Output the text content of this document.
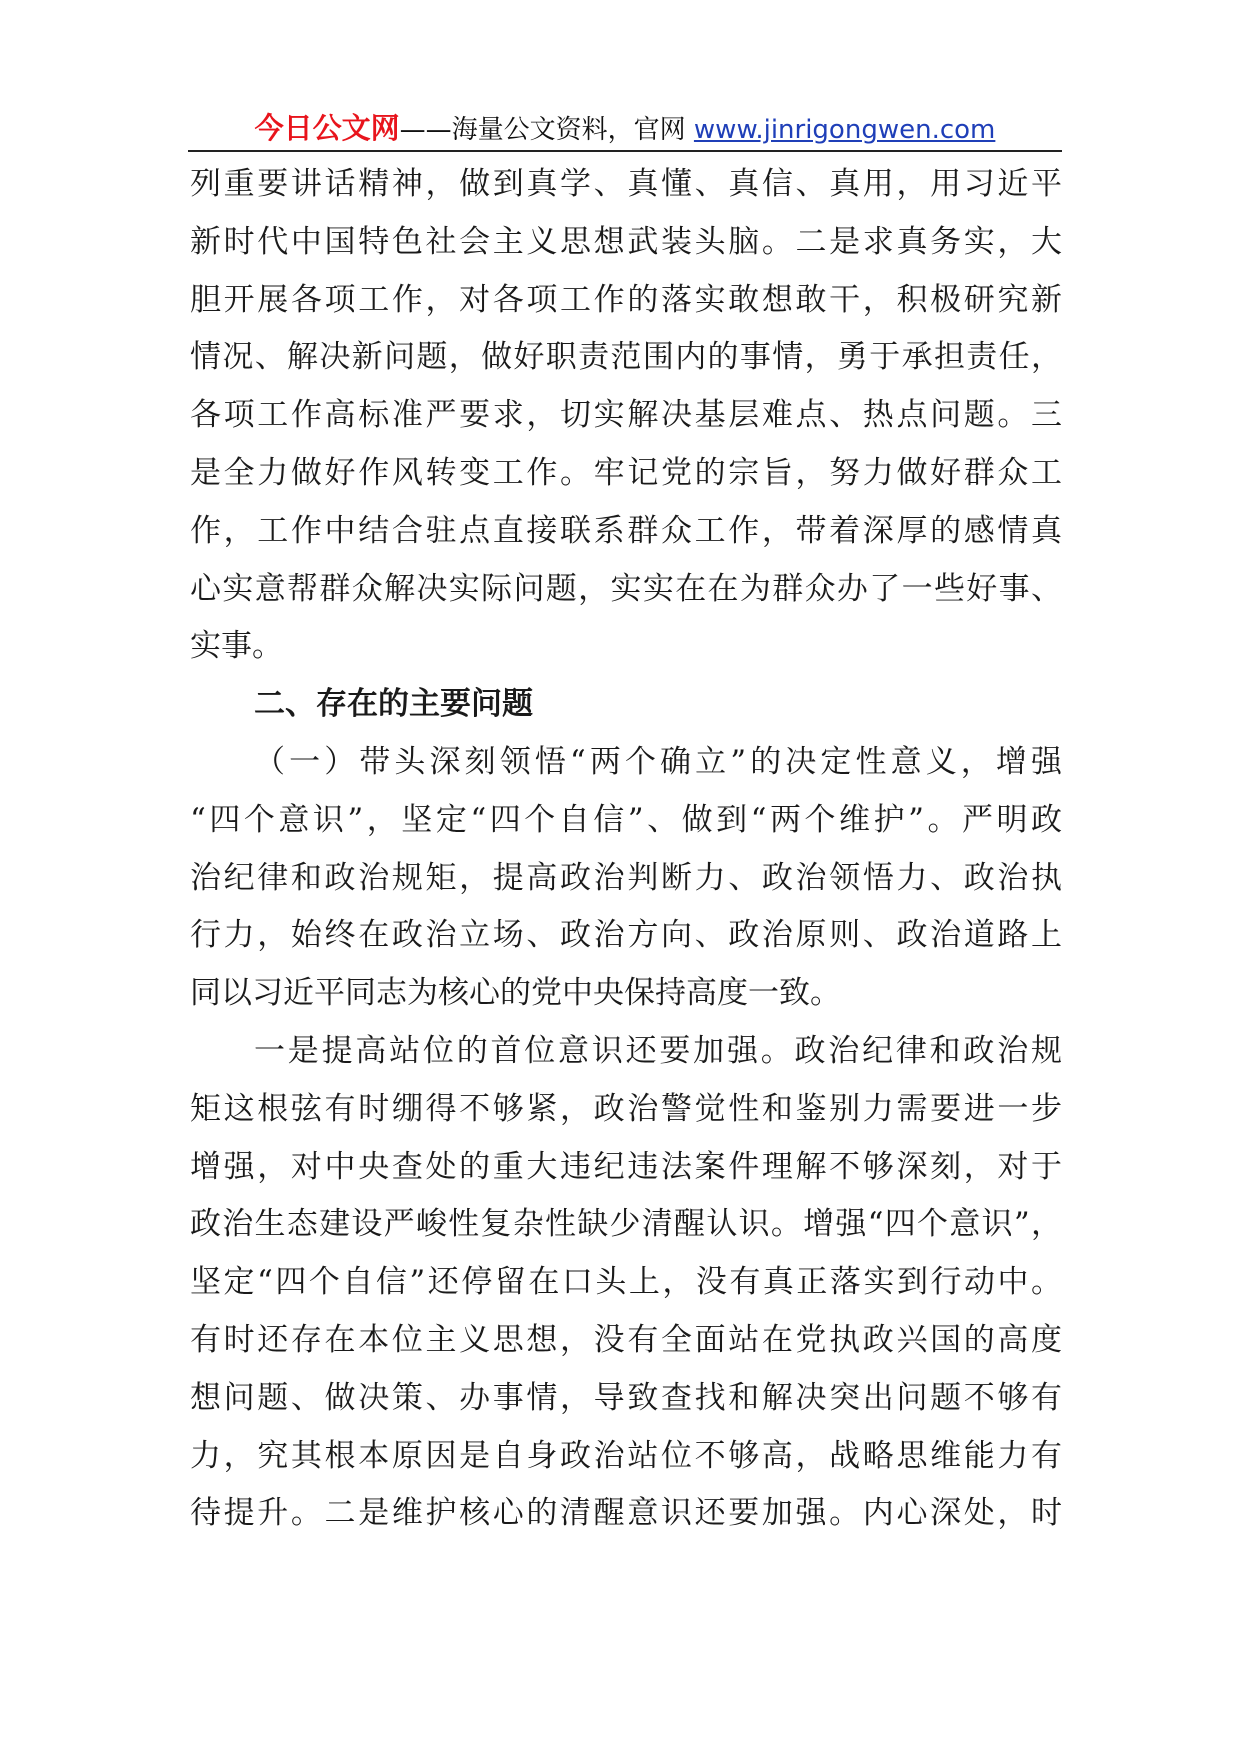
今日公文网——海量公文资料，官网 www.jinrigongwen.com
列重要讲话精神，做到真学、真懂、真信、真用，用习近平
新时代中国特色社会主义思想武装头脑。二是求真务实，大
胆开展各项工作，对各项工作的落实敢想敢干，积极研究新
情况、解决新问题，做好职责范围内的事情，勇于承担责任，
各项工作高标准严要求，切实解决基层难点、热点问题。三
是全力做好作风转变工作。牢记党的宗旨，努力做好群众工
作，工作中结合驻点直接联系群众工作，带着深厚的感情真
心实意帮群众解决实际问题，实实在在为群众办了一些好事、
实事。
二、存在的主要问题
（一）带头深刻领悟“两个确立”的决定性意义，增强
“四个意识”，坚定“四个自信”、做到“两个维护”。严明政
治纪律和政治规矩，提高政治判断力、政治领悟力、政治执
行力，始终在政治立场、政治方向、政治原则、政治道路上
同以习近平同志为核心的党中央保持高度一致。
一是提高站位的首位意识还要加强。政治纪律和政治规
矩这根弦有时绷得不够紧，政治警觉性和鉴别力需要进一步
增强，对中央查处的重大违纪违法案件理解不够深刻，对于
政治生态建设严峻性复杂性缺少清醒认识。增强“四个意识”，
坚定“四个自信”还停留在口头上，没有真正落实到行动中。
有时还存在本位主义思想，没有全面站在党执政兴国的高度
想问题、做决策、办事情，导致查找和解决突出问题不够有
力，究其根本原因是自身政治站位不够高，战略思维能力有
待提升。二是维护核心的清醒意识还要加强。内心深处，时
